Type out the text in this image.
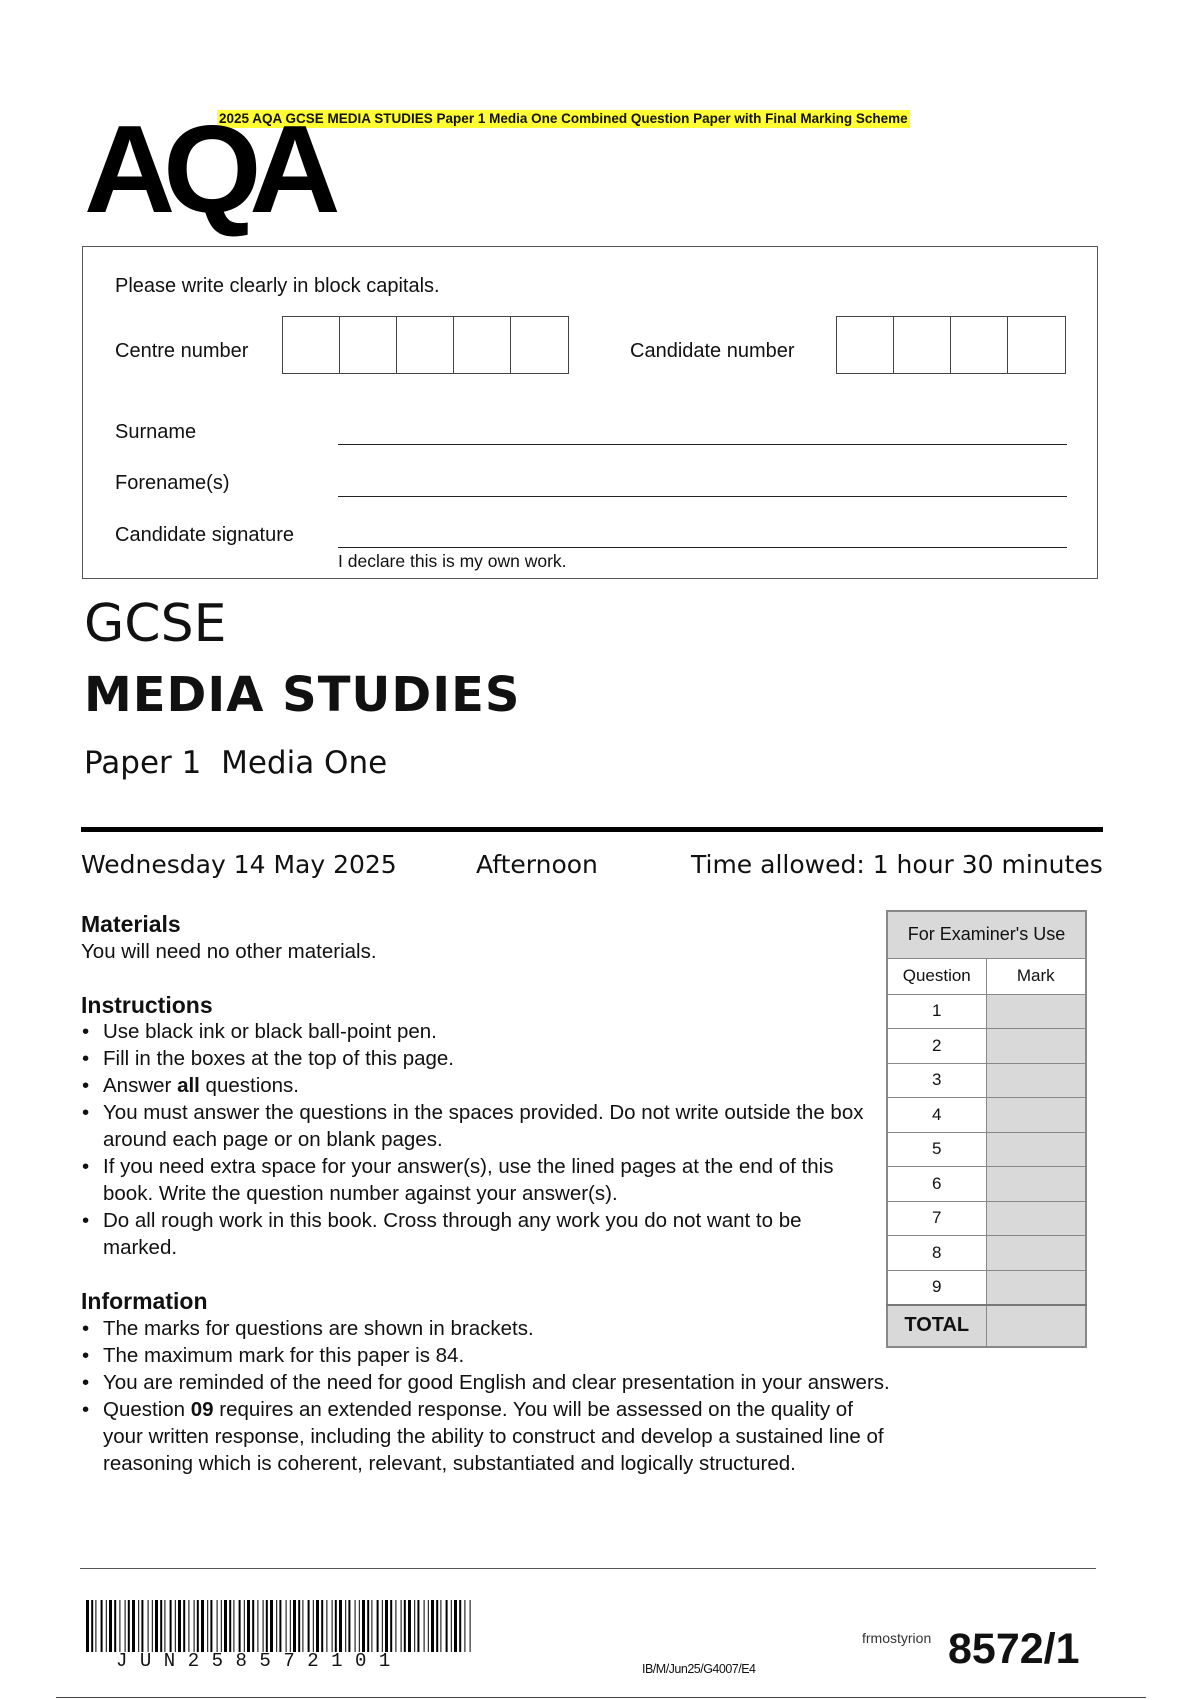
2025 AQA GCSE MEDIA STUDIES Paper 1 Media One Combined Question Paper with Final Marking Scheme
AQA
Please write clearly in block capitals.
Centre number	Candidate number
Surname
Forename(s)
Candidate signature
I declare this is my own work.
GCSE
MEDIA STUDIES
Paper 1  Media One
Wednesday 14 May 2025	Afternoon	Time allowed: 1 hour 30 minutes
Materials
You will need no other materials.
Instructions
• Use black ink or black ball-point pen.
• Fill in the boxes at the top of this page.
• Answer all questions.
• You must answer the questions in the spaces provided. Do not write outside the box around each page or on blank pages.
• If you need extra space for your answer(s), use the lined pages at the end of this book. Write the question number against your answer(s).
• Do all rough work in this book. Cross through any work you do not want to be marked.
Information
• The marks for questions are shown in brackets.
• The maximum mark for this paper is 84.
• You are reminded of the need for good English and clear presentation in your answers.
• Question 09 requires an extended response. You will be assessed on the quality of your written response, including the ability to construct and develop a sustained line of reasoning which is coherent, relevant, substantiated and logically structured.
For Examiner's Use	
Question	Mark
1	
2	
3	
4	
5	
6	
7	
8	
9	
TOTAL	
JUN258572101	IB/M/Jun25/G4007/E4
frmostyrion 8572/1
